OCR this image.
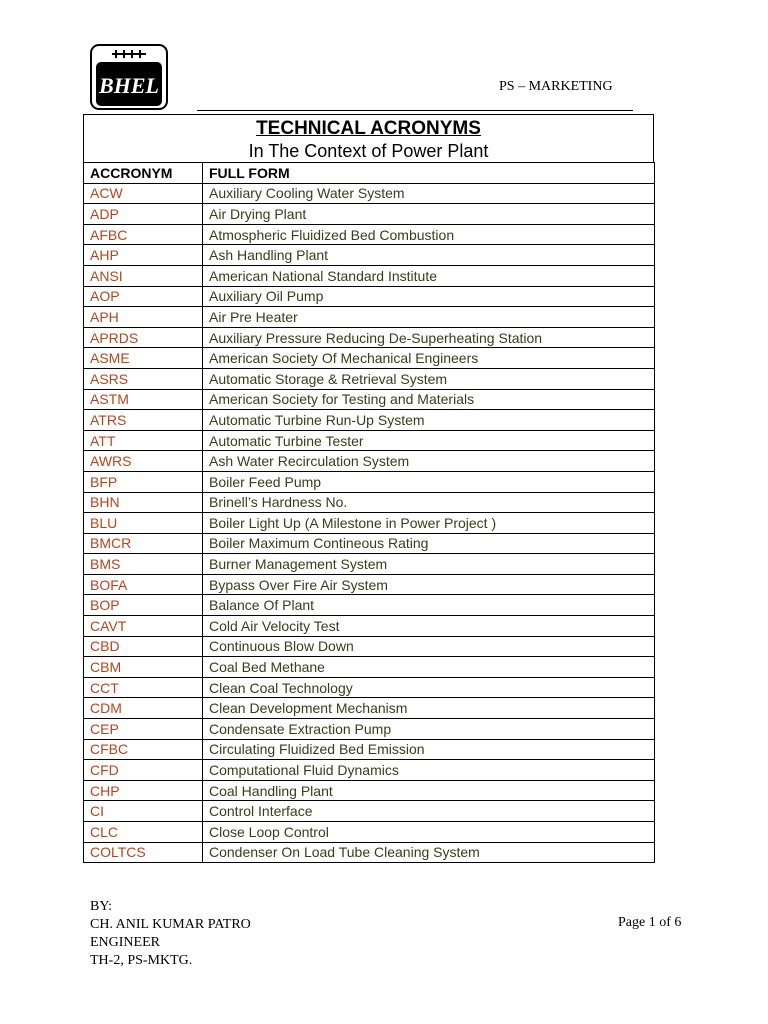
BHEL	PS – MARKETING
TECHNICAL ACRONYMS
In The Context of Power Plant
ACCRONYM	FULL FORM
ACW	Auxiliary Cooling Water System
ADP	Air Drying Plant
AFBC	Atmospheric Fluidized Bed Combustion
AHP	Ash Handling Plant
ANSI	American National Standard Institute
AOP	Auxiliary Oil Pump
APH	Air Pre Heater
APRDS	Auxiliary Pressure Reducing De-Superheating Station
ASME	American Society Of Mechanical Engineers
ASRS	Automatic Storage & Retrieval System
ASTM	American Society for Testing and Materials
ATRS	Automatic Turbine Run-Up System
ATT	Automatic Turbine Tester
AWRS	Ash Water Recirculation System
BFP	Boiler Feed Pump
BHN	Brinell’s Hardness No.
BLU	Boiler Light Up (A Milestone in Power Project )
BMCR	Boiler Maximum Contineous Rating
BMS	Burner Management System
BOFA	Bypass Over Fire Air System
BOP	Balance Of Plant
CAVT	Cold Air Velocity Test
CBD	Continuous Blow Down
CBM	Coal Bed Methane
CCT	Clean Coal Technology
CDM	Clean Development Mechanism
CEP	Condensate Extraction Pump
CFBC	Circulating Fluidized Bed Emission
CFD	Computational Fluid Dynamics
CHP	Coal Handling Plant
CI	Control Interface
CLC	Close Loop Control
COLTCS	Condenser On Load Tube Cleaning System
BY:
CH. ANIL KUMAR PATRO
ENGINEER
TH-2, PS-MKTG.
Page 1 of 6
